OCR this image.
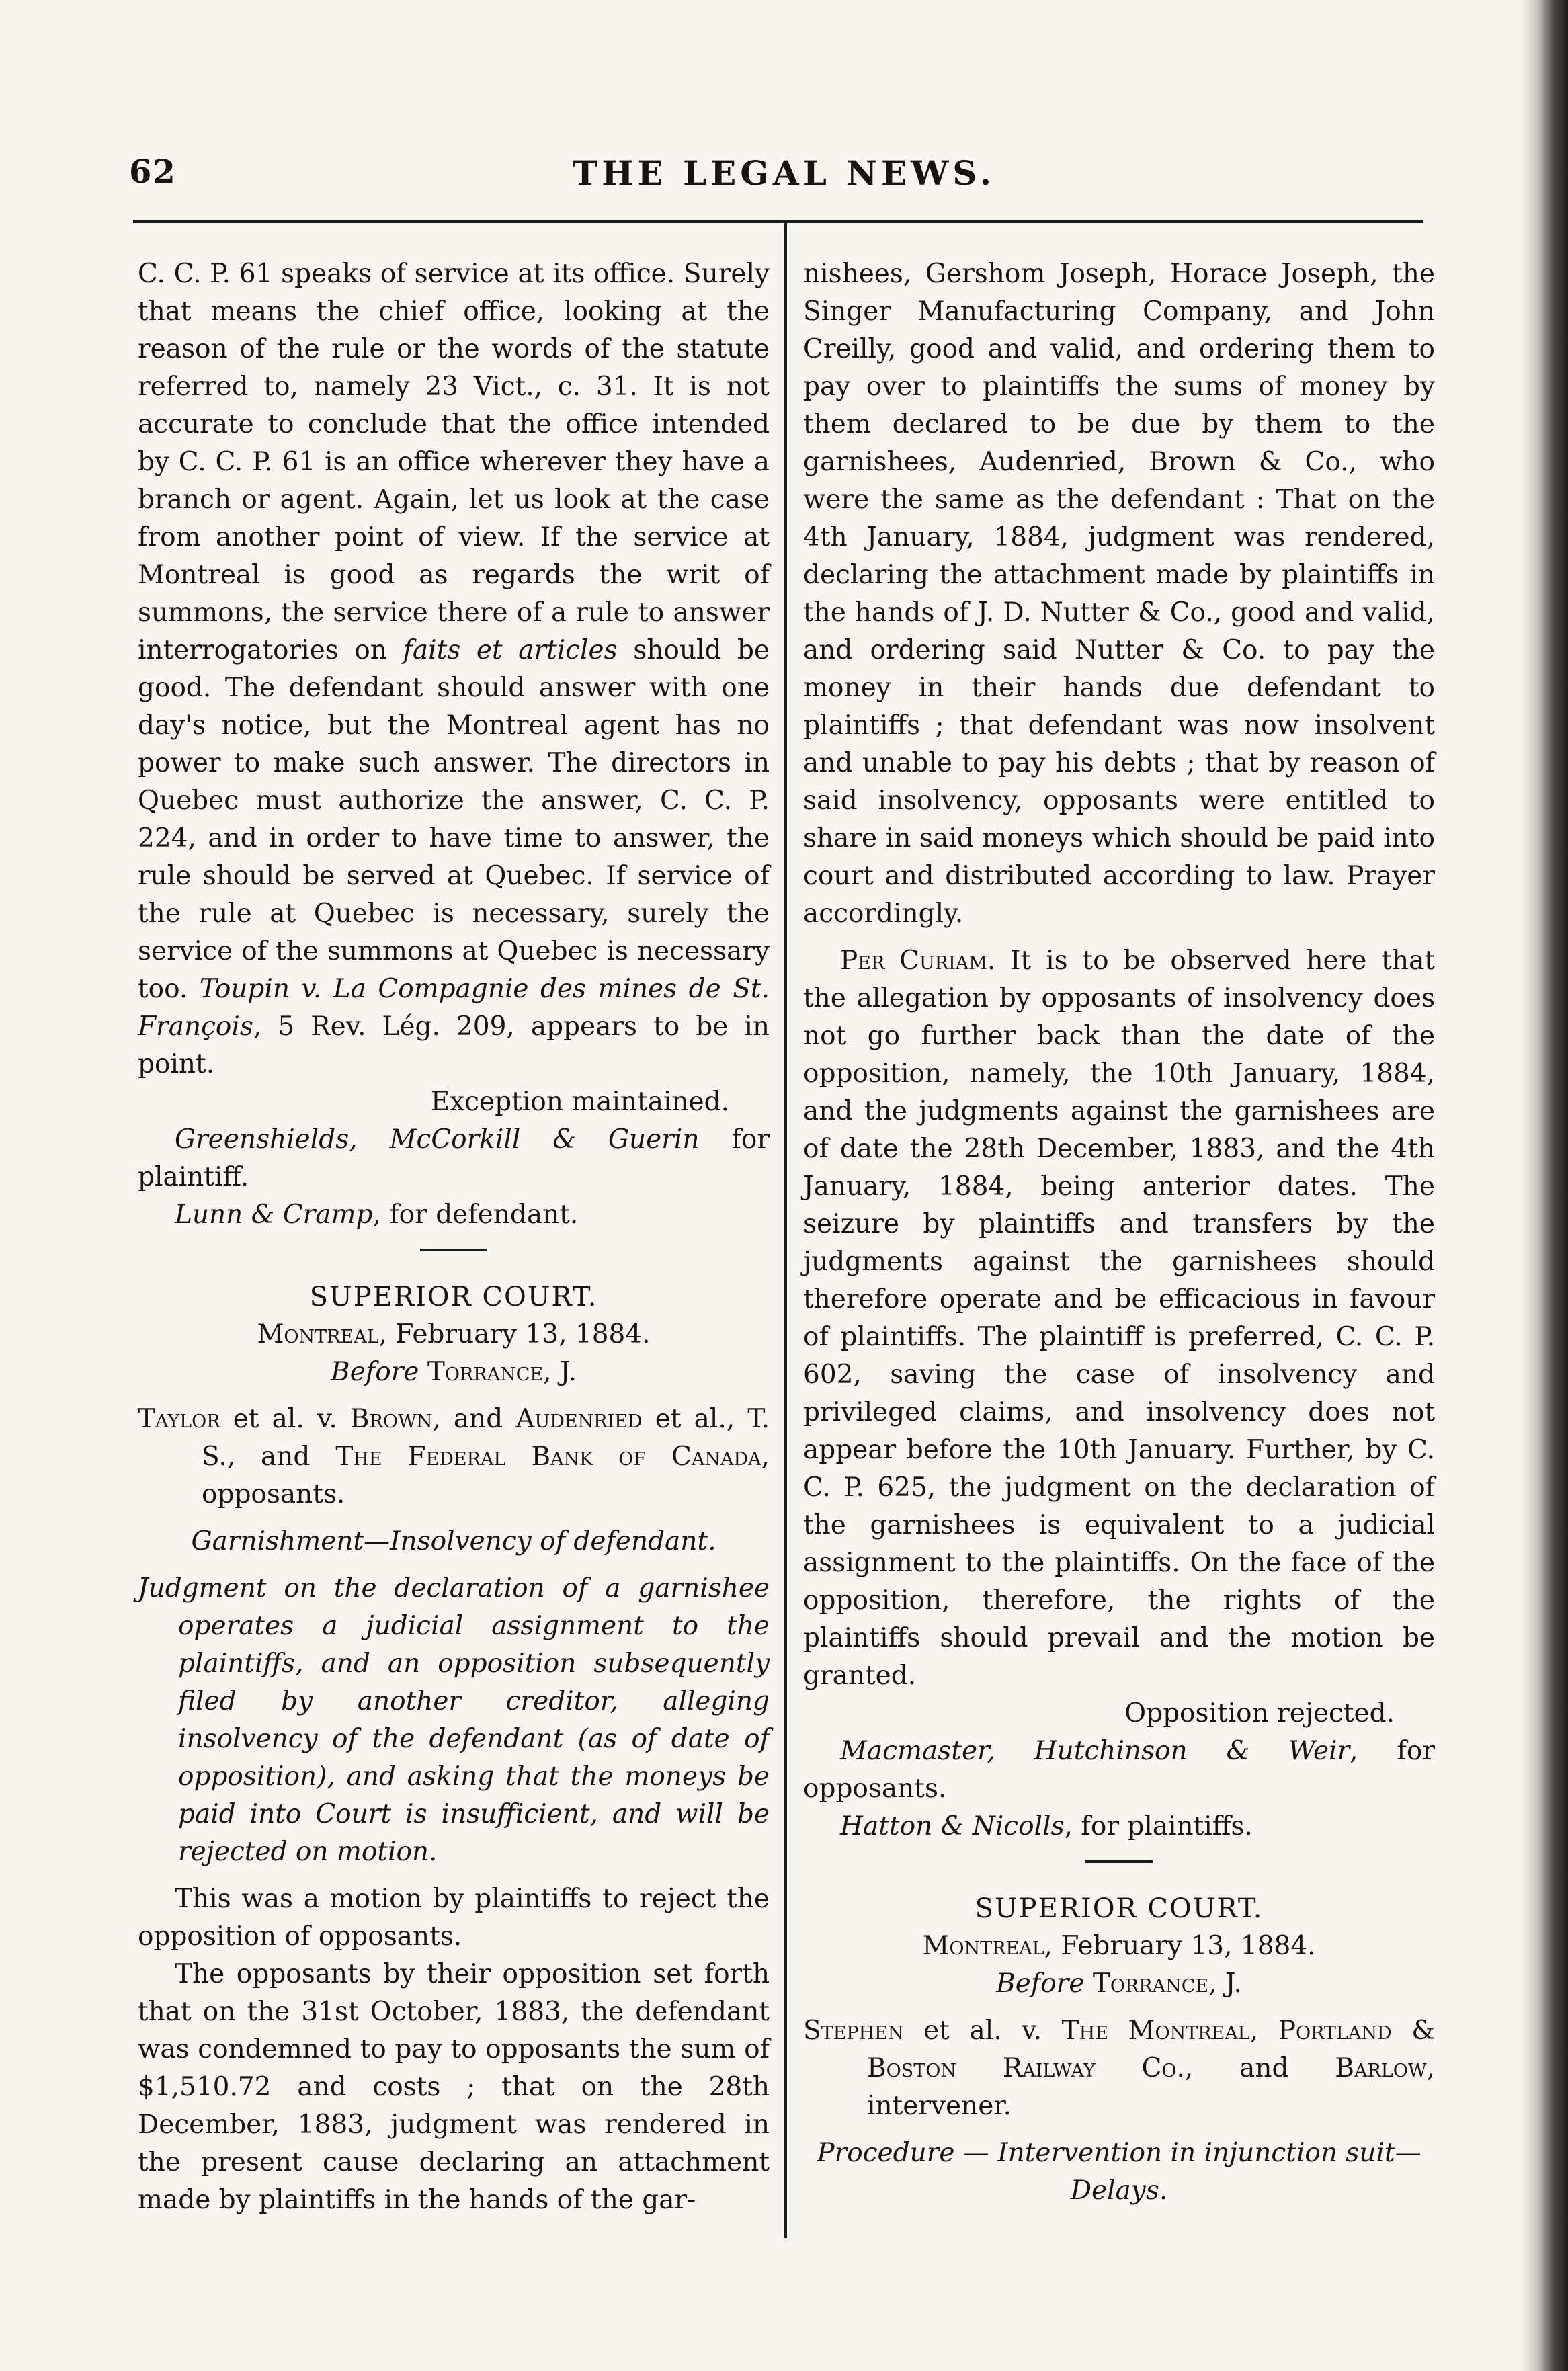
62	THE LEGAL NEWS.

C. C. P. 61 speaks of service at its office. Surely that means the chief office, looking at the reason of the rule or the words of the statute referred to, namely 23 Vict., c. 31. It is not accurate to conclude that the office intended by C. C. P. 61 is an office wherever they have a branch or agent. Again, let us look at the case from another point of view. If the service at Montreal is good as regards the writ of summons, the service there of a rule to answer interrogatories on faits et articles should be good. The defendant should answer with one day's notice, but the Montreal agent has no power to make such answer. The directors in Quebec must authorize the answer, C. C. P. 224, and in order to have time to answer, the rule should be served at Quebec. If service of the rule at Quebec is necessary, surely the service of the summons at Quebec is necessary too. Toupin v. La Compagnie des mines de St. François, 5 Rev. Lég. 209, appears to be in point.

Exception maintained.

Greenshields, McCorkill & Guerin for plaintiff.

Lunn & Cramp, for defendant.

SUPERIOR COURT.

Montreal, February 13, 1884.

Before Torrance, J.

Taylor et al. v. Brown, and Audenried et al., T. S., and The Federal Bank of Canada, opposants.

Garnishment—Insolvency of defendant.

Judgment on the declaration of a garnishee operates a judicial assignment to the plaintiffs, and an opposition subsequently filed by another creditor, alleging insolvency of the defendant (as of date of opposition), and asking that the moneys be paid into Court is insufficient, and will be rejected on motion.

This was a motion by plaintiffs to reject the opposition of opposants.

The opposants by their opposition set forth that on the 31st October, 1883, the defendant was condemned to pay to opposants the sum of $1,510.72 and costs ; that on the 28th December, 1883, judgment was rendered in the present cause declaring an attachment made by plaintiffs in the hands of the gar-

nishees, Gershom Joseph, Horace Joseph, the Singer Manufacturing Company, and John Creilly, good and valid, and ordering them to pay over to plaintiffs the sums of money by them declared to be due by them to the garnishees, Audenried, Brown & Co., who were the same as the defendant : That on the 4th January, 1884, judgment was rendered, declaring the attachment made by plaintiffs in the hands of J. D. Nutter & Co., good and valid, and ordering said Nutter & Co. to pay the money in their hands due defendant to plaintiffs ; that defendant was now insolvent and unable to pay his debts ; that by reason of said insolvency, opposants were entitled to share in said moneys which should be paid into court and distributed according to law. Prayer accordingly.

Per Curiam. It is to be observed here that the allegation by opposants of insolvency does not go further back than the date of the opposition, namely, the 10th January, 1884, and the judgments against the garnishees are of date the 28th December, 1883, and the 4th January, 1884, being anterior dates. The seizure by plaintiffs and transfers by the judgments against the garnishees should therefore operate and be efficacious in favour of plaintiffs. The plaintiff is preferred, C. C. P. 602, saving the case of insolvency and privileged claims, and insolvency does not appear before the 10th January. Further, by C. C. P. 625, the judgment on the declaration of the garnishees is equivalent to a judicial assignment to the plaintiffs. On the face of the opposition, therefore, the rights of the plaintiffs should prevail and the motion be granted.

Opposition rejected.

Macmaster, Hutchinson & Weir, for opposants.

Hatton & Nicolls, for plaintiffs.

SUPERIOR COURT.

Montreal, February 13, 1884.

Before Torrance, J.

Stephen et al. v. The Montreal, Portland & Boston Railway Co., and Barlow, intervener.

Procedure — Intervention in injunction suit— Delays.
